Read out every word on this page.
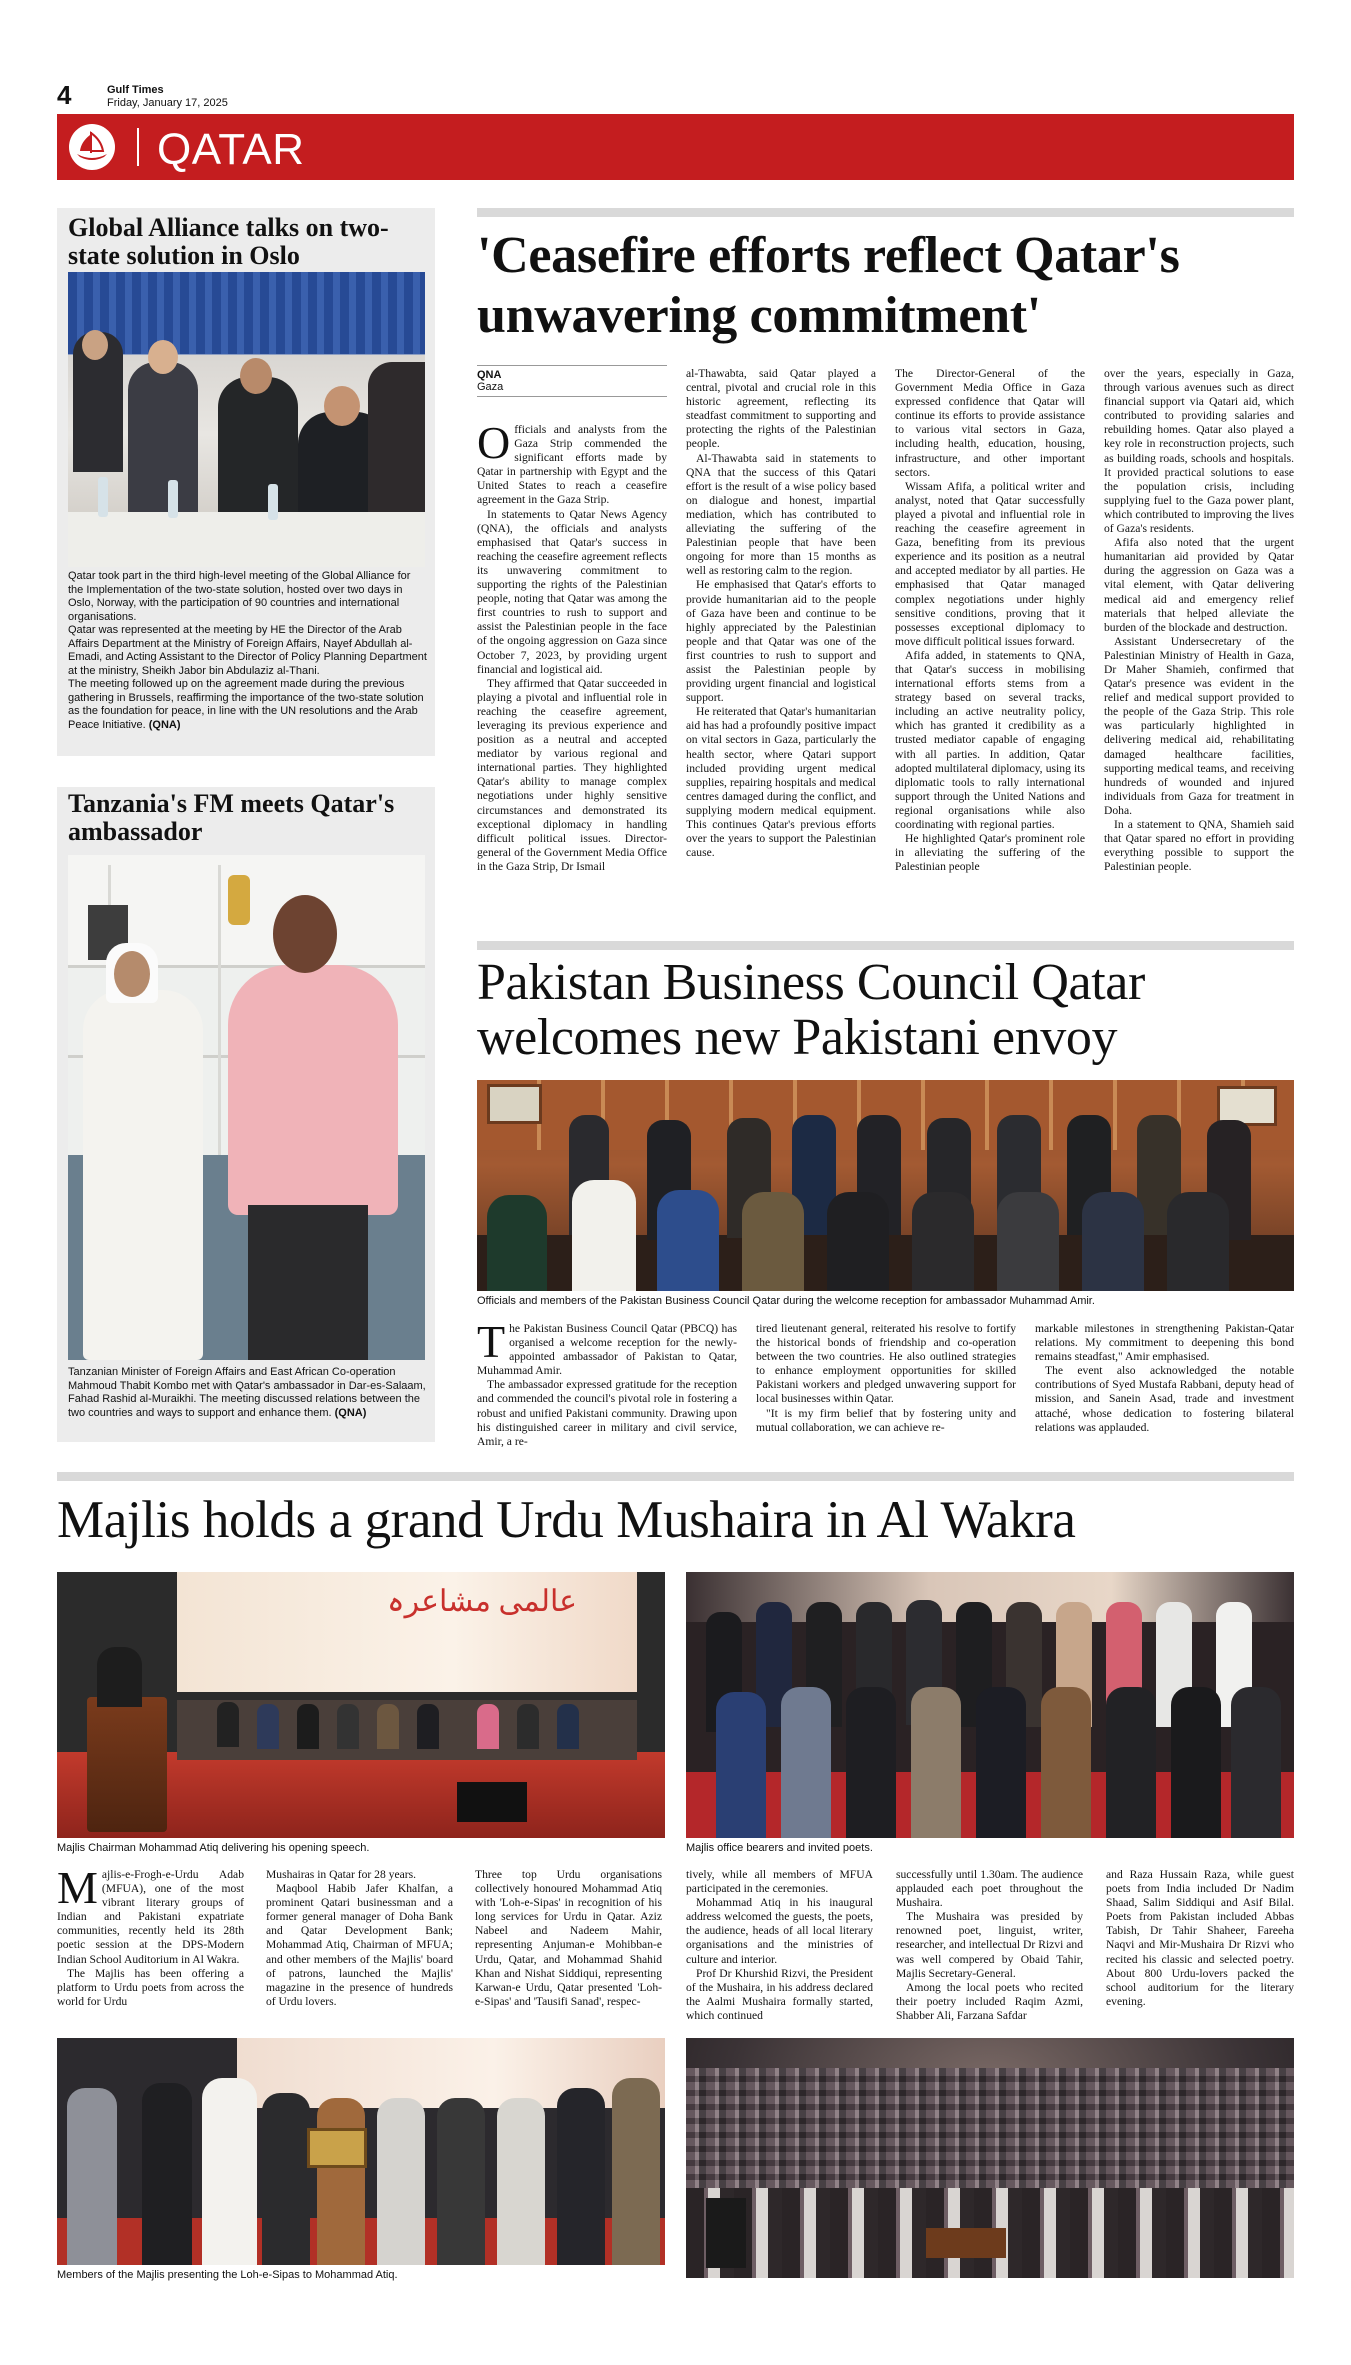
4	Gulf Times
Friday, January 17, 2025
QATAR
Global Alliance talks on two-state solution in Oslo
Qatar took part in the third high-level meeting of the Global Alliance for the Implementation of the two-state solution, hosted over two days in Oslo, Norway, with the participation of 90 countries and international organisations.
Qatar was represented at the meeting by HE the Director of the Arab Affairs Department at the Ministry of Foreign Affairs, Nayef Abdullah al-Emadi, and Acting Assistant to the Director of Policy Planning Department at the ministry, Sheikh Jabor bin Abdulaziz al-Thani.
The meeting followed up on the agreement made during the previous gathering in Brussels, reaffirming the importance of the two-state solution as the foundation for peace, in line with the UN resolutions and the Arab Peace Initiative. (QNA)
Tanzania's FM meets Qatar's ambassador
Tanzanian Minister of Foreign Affairs and East African Co-operation Mahmoud Thabit Kombo met with Qatar's ambassador in Dar-es-Salaam, Fahad Rashid al-Muraikhi. The meeting discussed relations between the two countries and ways to support and enhance them. (QNA)
'Ceasefire efforts reflect Qatar's unwavering commitment'
QNA
Gaza

Officials and analysts from the Gaza Strip commended the significant efforts made by Qatar in partnership with Egypt and the United States to reach a ceasefire agreement in the Gaza Strip.

In statements to Qatar News Agency (QNA), the officials and analysts emphasised that Qatar's success in reaching the ceasefire agreement reflects its unwavering commitment to supporting the rights of the Palestinian people, noting that Qatar was among the first countries to rush to support and assist the Palestinian people in the face of the ongoing aggression on Gaza since October 7, 2023, by providing urgent financial and logistical aid.

They affirmed that Qatar succeeded in playing a pivotal and influential role in reaching the ceasefire agreement, leveraging its previous experience and position as a neutral and accepted mediator by various regional and international parties. They highlighted Qatar's ability to manage complex negotiations under highly sensitive circumstances and demonstrated its exceptional diplomacy in handling difficult political issues. Director-general of the Government Media Office in the Gaza Strip, Dr Ismail

al-Thawabta, said Qatar played a central, pivotal and crucial role in this historic agreement, reflecting its steadfast commitment to supporting and protecting the rights of the Palestinian people.

Al-Thawabta said in statements to QNA that the success of this Qatari effort is the result of a wise policy based on dialogue and honest, impartial mediation, which has contributed to alleviating the suffering of the Palestinian people that have been ongoing for more than 15 months as well as restoring calm to the region.

He emphasised that Qatar's efforts to provide humanitarian aid to the people of Gaza have been and continue to be highly appreciated by the Palestinian people and that Qatar was one of the first countries to rush to support and assist the Palestinian people by providing urgent financial and logistical support.

He reiterated that Qatar's humanitarian aid has had a profoundly positive impact on vital sectors in Gaza, particularly the health sector, where Qatari support included providing urgent medical supplies, repairing hospitals and medical centres damaged during the conflict, and supplying modern medical equipment. This continues Qatar's previous efforts over the years to support the Palestinian cause.

The Director-General of the Government Media Office in Gaza expressed confidence that Qatar will continue its efforts to provide assistance to various vital sectors in Gaza, including health, education, housing, infrastructure, and other important sectors.

Wissam Afifa, a political writer and analyst, noted that Qatar successfully played a pivotal and influential role in reaching the ceasefire agreement in Gaza, benefiting from its previous experience and its position as a neutral and accepted mediator by all parties. He emphasised that Qatar managed complex negotiations under highly sensitive conditions, proving that it possesses exceptional diplomacy to move difficult political issues forward.

Afifa added, in statements to QNA, that Qatar's success in mobilising international efforts stems from a strategy based on several tracks, including an active neutrality policy, which has granted it credibility as a trusted mediator capable of engaging with all parties. In addition, Qatar adopted multilateral diplomacy, using its diplomatic tools to rally international support through the United Nations and regional organisations while also coordinating with regional parties.

He highlighted Qatar's prominent role in alleviating the suffering of the Palestinian people

over the years, especially in Gaza, through various avenues such as direct financial support via Qatari aid, which contributed to providing salaries and rebuilding homes. Qatar also played a key role in reconstruction projects, such as building roads, schools and hospitals. It provided practical solutions to ease the population crisis, including supplying fuel to the Gaza power plant, which contributed to improving the lives of Gaza's residents.

Afifa also noted that the urgent humanitarian aid provided by Qatar during the aggression on Gaza was a vital element, with Qatar delivering medical aid and emergency relief materials that helped alleviate the burden of the blockade and destruction.

Assistant Undersecretary of the Palestinian Ministry of Health in Gaza, Dr Maher Shamieh, confirmed that Qatar's presence was evident in the relief and medical support provided to the people of the Gaza Strip. This role was particularly highlighted in delivering medical aid, rehabilitating damaged healthcare facilities, supporting medical teams, and receiving hundreds of wounded and injured individuals from Gaza for treatment in Doha.

In a statement to QNA, Shamieh said that Qatar spared no effort in providing everything possible to support the Palestinian people.

Pakistan Business Council Qatar welcomes new Pakistani envoy
Officials and members of the Pakistan Business Council Qatar during the welcome reception for ambassador Muhammad Amir.

The Pakistan Business Council Qatar (PBCQ) has organised a welcome reception for the newly-appointed ambassador of Pakistan to Qatar, Muhammad Amir.

The ambassador expressed gratitude for the reception and commended the council's pivotal role in fostering a robust and unified Pakistani community. Drawing upon his distinguished career in military and civil service, Amir, a re-

tired lieutenant general, reiterated his resolve to fortify the historical bonds of friendship and co-operation between the two countries. He also outlined strategies to enhance employment opportunities for skilled Pakistani workers and pledged unwavering support for local businesses within Qatar.

"It is my firm belief that by fostering unity and mutual collaboration, we can achieve re-

markable milestones in strengthening Pakistan-Qatar relations. My commitment to deepening this bond remains steadfast," Amir emphasised.

The event also acknowledged the notable contributions of Syed Mustafa Rabbani, deputy head of mission, and Sanein Asad, trade and investment attaché, whose dedication to fostering bilateral relations was applauded.

Majlis holds a grand Urdu Mushaira in Al Wakra
عالمی مشاعرہ
Majlis Chairman Mohammad Atiq delivering his opening speech.	Majlis office bearers and invited poets.

Majlis-e-Frogh-e-Urdu Adab (MFUA), one of the most vibrant literary groups of Indian and Pakistani expatriate communities, recently held its 28th poetic session at the DPS-Modern Indian School Auditorium in Al Wakra.

The Majlis has been offering a platform to Urdu poets from across the world for Urdu

Mushairas in Qatar for 28 years.

Maqbool Habib Jafer Khalfan, a prominent Qatari businessman and a former general manager of Doha Bank and Qatar Development Bank; Mohammad Atiq, Chairman of MFUA; and other members of the Majlis' board of patrons, launched the Majlis' magazine in the presence of hundreds of Urdu lovers.

Three top Urdu organisations collectively honoured Mohammad Atiq with 'Loh-e-Sipas' in recognition of his long services for Urdu in Qatar. Aziz Nabeel and Nadeem Mahir, representing Anjuman-e Mohibban-e Urdu, Qatar, and Mohammad Shahid Khan and Nishat Siddiqui, representing Karwan-e Urdu, Qatar presented 'Loh-e-Sipas' and 'Tausifi Sanad', respec-

tively, while all members of MFUA participated in the ceremonies.

Mohammad Atiq in his inaugural address welcomed the guests, the poets, the audience, heads of all local literary organisations and the ministries of culture and interior.

Prof Dr Khurshid Rizvi, the President of the Mushaira, in his address declared the Aalmi Mushaira formally started, which continued

successfully until 1.30am. The audience applauded each poet throughout the Mushaira.

The Mushaira was presided by renowned poet, linguist, writer, researcher, and intellectual Dr Rizvi and was well compered by Obaid Tahir, Majlis Secretary-General.

Among the local poets who recited their poetry included Raqim Azmi, Shabber Ali, Farzana Safdar

and Raza Hussain Raza, while guest poets from India included Dr Nadim Shaad, Salim Siddiqui and Asif Bilal. Poets from Pakistan included Abbas Tabish, Dr Tahir Shaheer, Fareeha Naqvi and Mir-Mushaira Dr Rizvi who recited his classic and selected poetry. About 800 Urdu-lovers packed the school auditorium for the literary evening.

Members of the Majlis presenting the Loh-e-Sipas to Mohammad Atiq.
